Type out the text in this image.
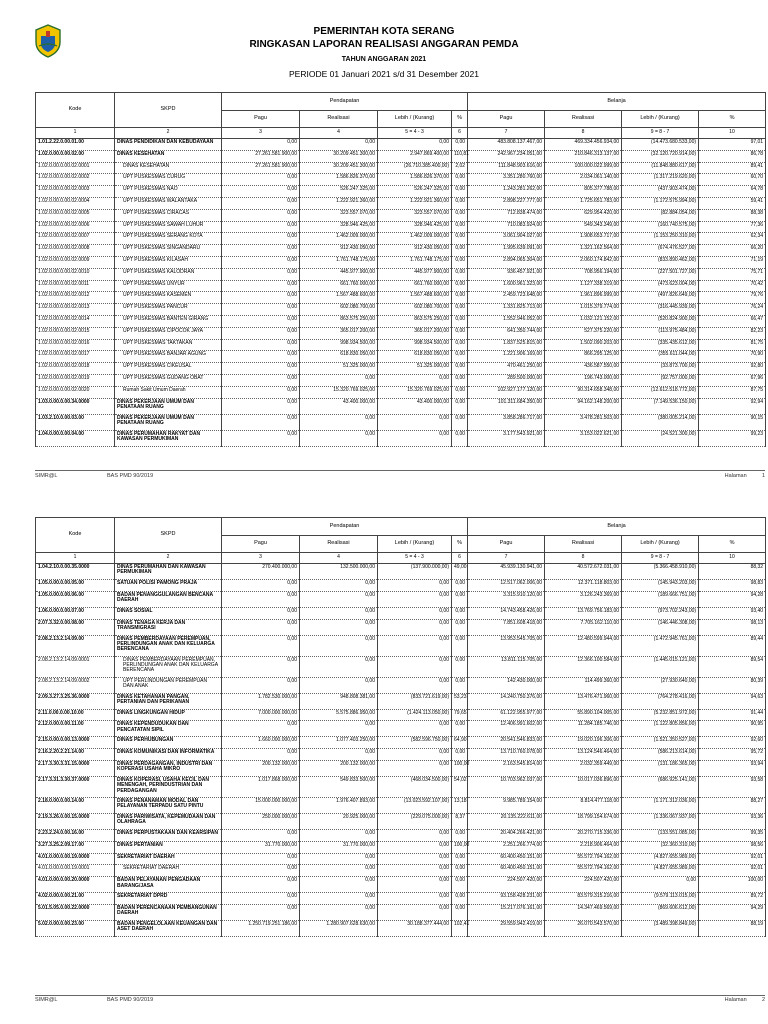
PEMERINTAH KOTA SERANG
RINGKASAN LAPORAN REALISASI ANGGARAN PEMDA
TAHUN ANGGARAN 2021
PERIODE 01 Januari 2021 s/d 31 Desember 2021
Kode	SKPD	Pendapatan				Belanja			
		Pagu	Realisasi	Lebih / (Kurang)	%	Pagu	Realisasi	Lebih / (Kurang)	%
1	2	3	4	5 = 4 - 3	6	7	8	9 = 8 - 7	10
1.01.2.22.0.00.01.00	DINAS PENDIDIKAN DAN KEBUDAYAAN	0,00	0,00	0,00	0,00	483.808.137.467,00	469.334.456.934,00	(14.473.680.533,00)	97,01
1.02.0.00.0.00.02.00	DINAS KESEHATAN	27.261.581.900,00	30.209.451.300,00	2.947.869.400,00	110,81	242.967.234.051,00	210.846.313.137,00	(32.120.720.914,00)	86,78
1.02.0.00.0.00.02.0001	DINAS KESEHATAN	27.261.581.900,00	30.209.451.300,00	(26.710.385.400,00)	2,02	111.848.903.616,00	100.000.022.999,00	(11.848.880.617,00)	89,41
1.02.0.00.0.00.02.0002	UPT PUSKESMAS CURUG	0,00	1.586.826.370,00	1.586.826.370,00	0,00	3.351.280.760,00	2.034.061.140,00	(1.317.219.620,00)	60,70
1.02.0.00.0.00.02.0003	UPT PUSKESMAS NAO	0,00	526.247.325,00	526.247.325,00	0,00	1.243.281.262,00	805.377.788,00	(437.903.474,00)	64,78
1.02.0.00.0.00.02.0004	UPT PUSKESMAS WALANTAKA	0,00	1.222.921.360,00	1.222.921.360,00	0,00	2.898.227.777,00	1.725.651.783,00	(1.172.575.994,00)	59,41
1.02.0.00.0.00.02.0005	UPT PUSKESMAS CIRACAS	0,00	323.557.070,00	323.557.070,00	0,00	712.838.474,00	629.954.420,00	(82.884.054,00)	88,38
1.02.0.00.0.00.02.0006	UPT PUSKESMAS SAWAH LUHUR	0,00	328.946.425,00	328.946.425,00	0,00	710.083.924,00	549.343.349,00	(160.740.575,00)	77,36
1.02.0.00.0.00.02.0007	UPT PUSKESMAS SERANG KOTA	0,00	1.462.009.000,00	1.462.009.000,00	0,00	3.061.904.027,00	1.908.653.717,00	(1.153.250.310,00)	62,34
1.02.0.00.0.00.02.0008	UPT PUSKESMAS SINGANDARU	0,00	912.430.050,00	912.430.050,00	0,00	1.995.639.091,00	1.321.162.564,00	(674.476.527,00)	66,20
1.02.0.00.0.00.02.0009	UPT PUSKESMAS KILASAH	0,00	1.761.748.175,00	1.761.748.175,00	0,00	2.894.065.304,00	2.060.174.842,00	(833.890.462,00)	71,19
1.02.0.00.0.00.02.0010	UPT PUSKESMAS KALODRAN	0,00	445.977.900,00	445.977.900,00	0,00	936.457.921,00	708.956.194,00	(227.501.727,00)	75,71
1.02.0.00.0.00.02.0011	UPT PUSKESMAS UNYUR	0,00	661.760.000,00	661.760.000,00	0,00	1.600.961.323,00	1.127.338.319,00	(473.623.004,00)	70,42
1.02.0.00.0.00.02.0012	UPT PUSKESMAS KASEMEN	0,00	1.567.488.600,00	1.567.488.600,00	0,00	2.459.723.648,00	1.961.896.999,00	(497.826.649,00)	79,76
1.02.0.00.0.00.02.0013	UPT PUSKESMAS PANCUR	0,00	602.080.700,00	602.080.700,00	0,00	1.331.825.713,00	1.015.379.774,00	(316.445.939,00)	76,24
1.02.0.00.0.00.02.0014	UPT PUSKESMAS BANTEN GIRANG	0,00	863.575.250,00	863.575.250,00	0,00	1.552.946.052,00	1.032.121.152,00	(520.824.900,00)	66,47
1.02.0.00.0.00.02.0015	UPT PUSKESMAS CIPOCOK JAYA	0,00	365.017.200,00	365.017.200,00	0,00	641.350.744,00	527.375.220,00	(113.975.484,00)	82,23
1.02.0.00.0.00.02.0016	UPT PUSKESMAS TAKTAKAN	0,00	998.934.500,00	998.934.500,00	0,00	1.837.525.815,00	1.502.090.203,00	(335.435.612,00)	81,75
1.02.0.00.0.00.02.0017	UPT PUSKESMAS BANJAR AGUNG	0,00	618.830.050,00	618.830.050,00	0,00	1.221.906.169,00	866.295.125,00	(355.611.044,00)	70,90
1.02.0.00.0.00.02.0018	UPT PUSKESMAS CIKEUSAL	0,00	51.325.000,00	51.325.000,00	0,00	470.461.250,00	436.587.550,00	(33.873.700,00)	92,80
1.02.0.00.0.00.02.0019	UPT PUSKESMAS GUDANG OBAT	0,00	0,00	0,00	0,00	289.500.000,00	196.743.000,00	(92.757.000,00)	67,96
1.02.0.00.0.00.02.0020	Rumah Sakit Umum Daerah	0,00	15.320.769.025,00	15.320.769.025,00	0,00	102.927.177.120,00	90.314.658.348,00	(12.612.518.772,00)	87,75
1.03.0.00.0.00.34.0000	DINAS PEKERJAAN UMUM DAN PENATAAN RUANG	0,00	43.400.000,00	43.400.000,00	0,00	101.311.684.350,00	94.162.148.200,00	(7.149.536.150,00)	92,94
1.03.2.10.0.00.03.00	DINAS PEKERJAAN UMUM DAN PENATAAN RUANG	0,00	0,00	0,00	0,00	3.858.286.717,00	3.478.281.503,00	(380.005.214,00)	90,15
1.04.0.00.0.00.04.00	DINAS PERUMAHAN RAKYAT DAN KAWASAN PERMUKIMAN	0,00	0,00	0,00	0,00	3.177.543.921,00	3.153.022.621,00	(24.521.300,00)	99,23
SIMR@L	BAS PMD 90/2019	Halaman	1
Kode	SKPD	Pendapatan				Belanja			
		Pagu	Realisasi	Lebih / (Kurang)	%	Pagu	Realisasi	Lebih / (Kurang)	%
1	2	3	4	5 = 4 - 3	6	7	8	9 = 8 - 7	10
1.04.2.10.0.00.35.0000	DINAS PERUMAHAN DAN KAWASAN PERMUKIMAN	270.400.000,00	132.500.000,00	(137.900.000,00)	49,00	45.939.130.941,00	40.572.672.031,00	(5.366.458.910,00)	88,32
1.05.0.00.0.00.05.00	SATUAN POLISI PAMONG PRAJA	0,00	0,00	0,00	0,00	12.517.062.006,00	12.371.118.803,00	(145.943.203,00)	98,83
1.05.0.00.0.00.06.00	BADAN PENANGGULANGAN BENCANA DAERAH	0,00	0,00	0,00	0,00	3.315.910.120,00	3.126.243.369,00	(189.666.751,00)	94,28
1.06.0.00.0.00.07.00	DINAS SOSIAL	0,00	0,00	0,00	0,00	14.743.458.426,00	13.769.756.183,00	(973.702.243,00)	93,40
2.07.3.32.0.00.08.00	DINAS TENAGA KERJA DAN TRANSMIGRASI	0,00	0,00	0,00	0,00	7.851.608.418,00	7.705.162.110,00	(146.446.308,00)	98,13
2.08.2.13.2.14.09.00	DINAS PEMBERDAYAAN PEREMPUAN, PERLINDUNGAN ANAK DAN KELUARGA BERENCANA	0,00	0,00	0,00	0,00	13.953.545.705,00	12.480.599.944,00	(1.472.945.761,00)	89,44
2.08.2.13.2.14.09.0001	DINAS PEMBERDAYAAN PEREMPUAN, PERLINDUNGAN ANAK DAN KELUARGA BERENCANA	0,00	0,00	0,00	0,00	13.811.115.705,00	12.366.100.584,00	(1.445.015.121,00)	89,54
2.08.2.13.2.14.09.0002	UPT PERLINDUNGAN PEREMPUAN DAN ANAK	0,00	0,00	0,00	0,00	142.430.000,00	114.499.360,00	(27.930.640,00)	80,39
2.09.3.27.3.25.36.0000	DINAS KETAHANAN PANGAN, PERTANIAN DAN PERIKANAN	1.782.530.000,00	948.808.381,00	(833.721.619,00)	53,23	14.240.750.376,00	13.476.471.960,00	(764.278.416,00)	94,63
2.11.0.00.0.00.10.00	DINAS LINGKUNGAN HIDUP	7.000.000.000,00	5.575.886.950,00	(1.424.113.050,00)	79,65	61.122.955.977,00	55.890.104.005,00	(5.232.851.972,00)	91,44
2.12.0.00.0.00.11.00	DINAS KEPENDUDUKAN DAN PENCATATAN SIPIL	0,00	0,00	0,00	0,00	12.406.991.602,00	11.284.185.746,00	(1.122.805.856,00)	90,95
2.15.0.00.0.00.13.0000	DINAS PERHUBUNGAN	1.660.000.000,00	1.077.403.250,00	(582.596.750,00)	64,90	20.541.546.833,00	19.020.196.306,00	(1.521.350.527,00)	92,60
2.16.2.20.2.21.14.00	DINAS KOMUNIKASI DAN INFORMATIKA	0,00	0,00	0,00	0,00	13.710.760.078,00	13.124.546.464,00	(586.213.614,00)	95,72
2.17.3.30.3.31.15.0000	DINAS PERDAGANGAN, INDUSTRI DAN KOPERASI USAHA MIKRO	200.132.000,00	200.132.000,00	0,00	100,00	2.163.545.814,00	2.032.359.449,00	(131.186.365,00)	93,94
2.17.3.31.3.30.37.0000	DINAS KOPERASI, USAHA KECIL DAN MENENGAH, PERINDUSTRIAN DAN PERDAGANGAN	1.017.868.000,00	549.833.500,00	(468.034.500,00)	54,02	10.703.962.037,00	10.017.036.896,00	(686.925.141,00)	93,58
2.18.0.00.0.00.14.00	DINAS PENANAMAN MODAL DAN PELAYANAN TERPADU SATU PINTU	15.000.000.000,00	1.976.407.893,00	(13.023.592.107,00)	13,18	9.985.789.154,00	8.814.477.118,00	(1.171.312.036,00)	88,27
2.19.3.26.0.00.15.0000	DINAS PARIWISATA, KEPEMUDAAN DAN OLAHRAGA	250.000.000,00	20.925.000,00	(229.075.000,00)	8,37	20.135.222.611,00	18.799.154.674,00	(1.336.067.937,00)	93,36
2.23.2.24.0.00.16.00	DINAS PERPUSTAKAAN DAN KEARSIPAN	0,00	0,00	0,00	0,00	20.404.266.421,00	20.270.715.336,00	(133.551.085,00)	99,35
3.27.3.25.2.09.17.00	DINAS PERTANIAN	31.770.000,00	31.770.000,00	0,00	100,00	2.251.266.774,00	2.218.906.464,00	(32.360.310,00)	98,56
4.01.0.00.0.00.19.0000	SEKRETARIAT DAERAH	0,00	0,00	0,00	0,00	60.400.450.151,00	55.572.794.162,00	(4.827.655.989,00)	92,01
4.01.0.00.0.00.19.0001	SEKRETARIAT DAERAH	0,00	0,00	0,00	0,00	60.400.450.151,00	55.572.794.162,00	(4.827.655.989,00)	92,01
4.01.0.00.0.00.20.0000	BADAN PELAYANAN PENGADAAN BARANG/JASA	0,00	0,00	0,00	0,00	224.507.420,00	224.507.420,00	0,00	100,00
4.02.0.00.0.00.21.00	SEKRETARIAT DPRD	0,00	0,00	0,00	0,00	93.158.428.231,00	83.579.315.216,00	(9.579.113.015,00)	89,72
5.01.5.05.0.00.22.0000	BADAN PERENCANAAN PEMBANGUNAN DAERAH	0,00	0,00	0,00	0,00	15.217.076.161,00	14.347.469.569,00	(869.606.612,00)	94,29
5.02.0.00.0.00.23.00	BADAN PENGELOLAAN KEUANGAN DAN ASET DAERAH	1.250.719.251.186,00	1.280.907.628.630,00	30.188.377.444,00	102,41	29.559.942.419,00	26.070.543.570,00	(3.489.398.849,00)	88,19
SIMR@L	BAS PMD 90/2019	Halaman	2
